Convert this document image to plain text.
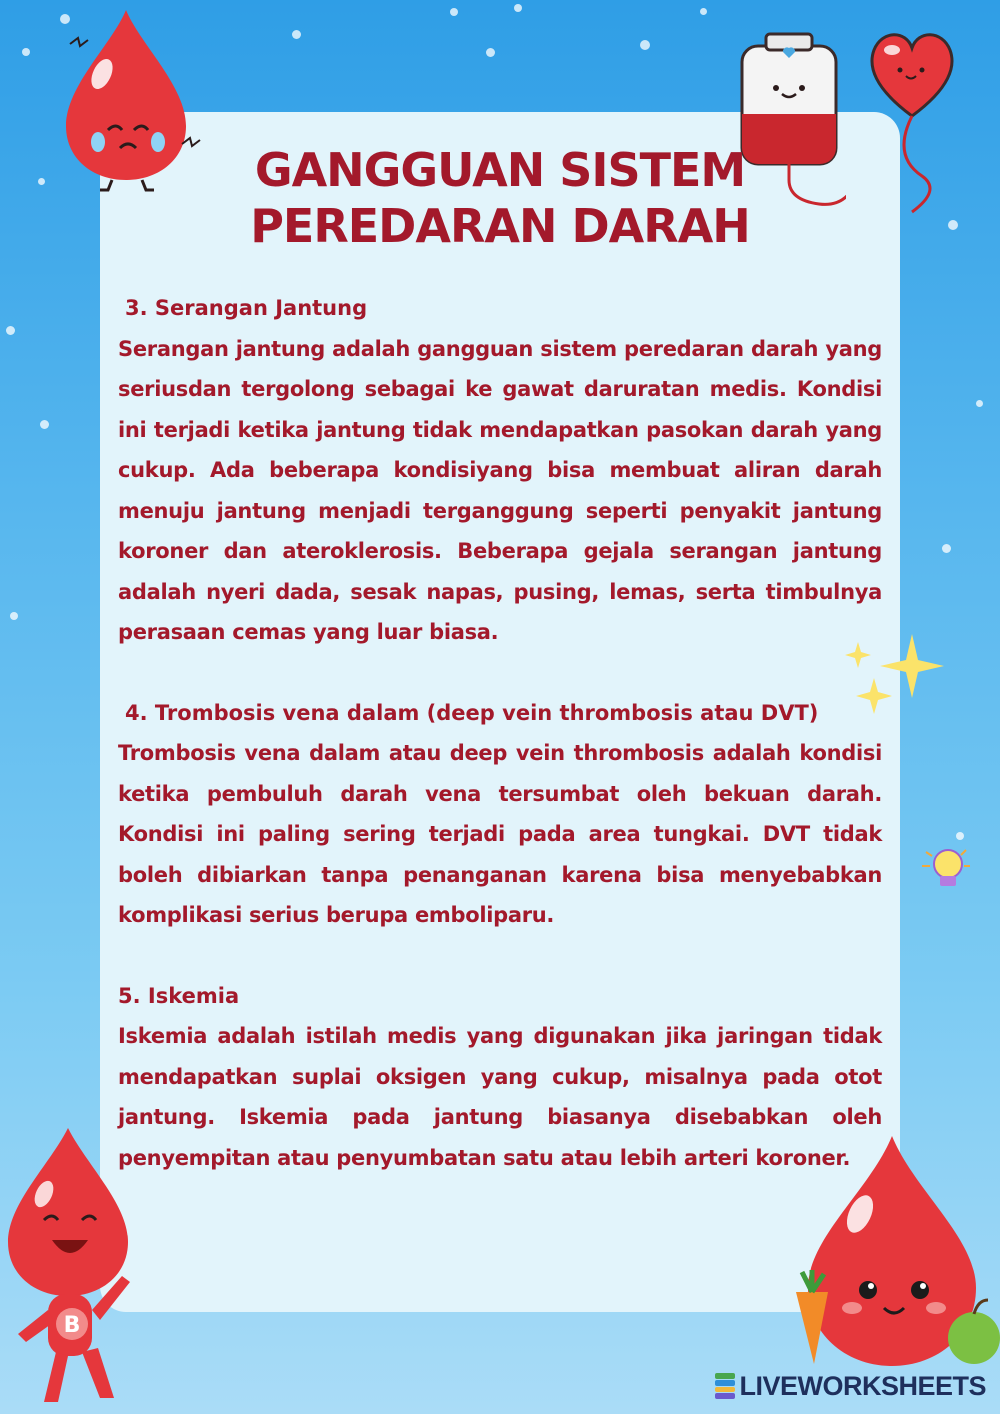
GANGGUAN SISTEM
PEREDARAN DARAH
3. Serangan Jantung
Serangan jantung adalah gangguan sistem peredaran darah yang seriusdan tergolong sebagai ke gawat daruratan medis. Kondisi ini terjadi ketika jantung tidak mendapatkan pasokan darah yang cukup. Ada beberapa kondisiyang bisa membuat aliran darah menuju jantung menjadi terganggung seperti penyakit jantung koroner dan ateroklerosis. Beberapa gejala serangan jantung adalah nyeri dada, sesak napas, pusing, lemas, serta timbulnya perasaan cemas yang luar biasa.
4. Trombosis vena dalam (deep vein thrombosis atau DVT)
Trombosis vena dalam atau deep vein thrombosis adalah kondisi ketika pembuluh darah vena tersumbat oleh bekuan darah. Kondisi ini paling sering terjadi pada area tungkai. DVT tidak boleh dibiarkan tanpa penanganan karena bisa menyebabkan komplikasi serius berupa emboliparu.
5. Iskemia
Iskemia adalah istilah medis yang digunakan jika jaringan tidak mendapatkan suplai oksigen yang cukup, misalnya pada otot jantung. Iskemia pada jantung biasanya disebabkan oleh penyempitan atau penyumbatan satu atau lebih arteri koroner.
B
LIVEWORKSHEETS
